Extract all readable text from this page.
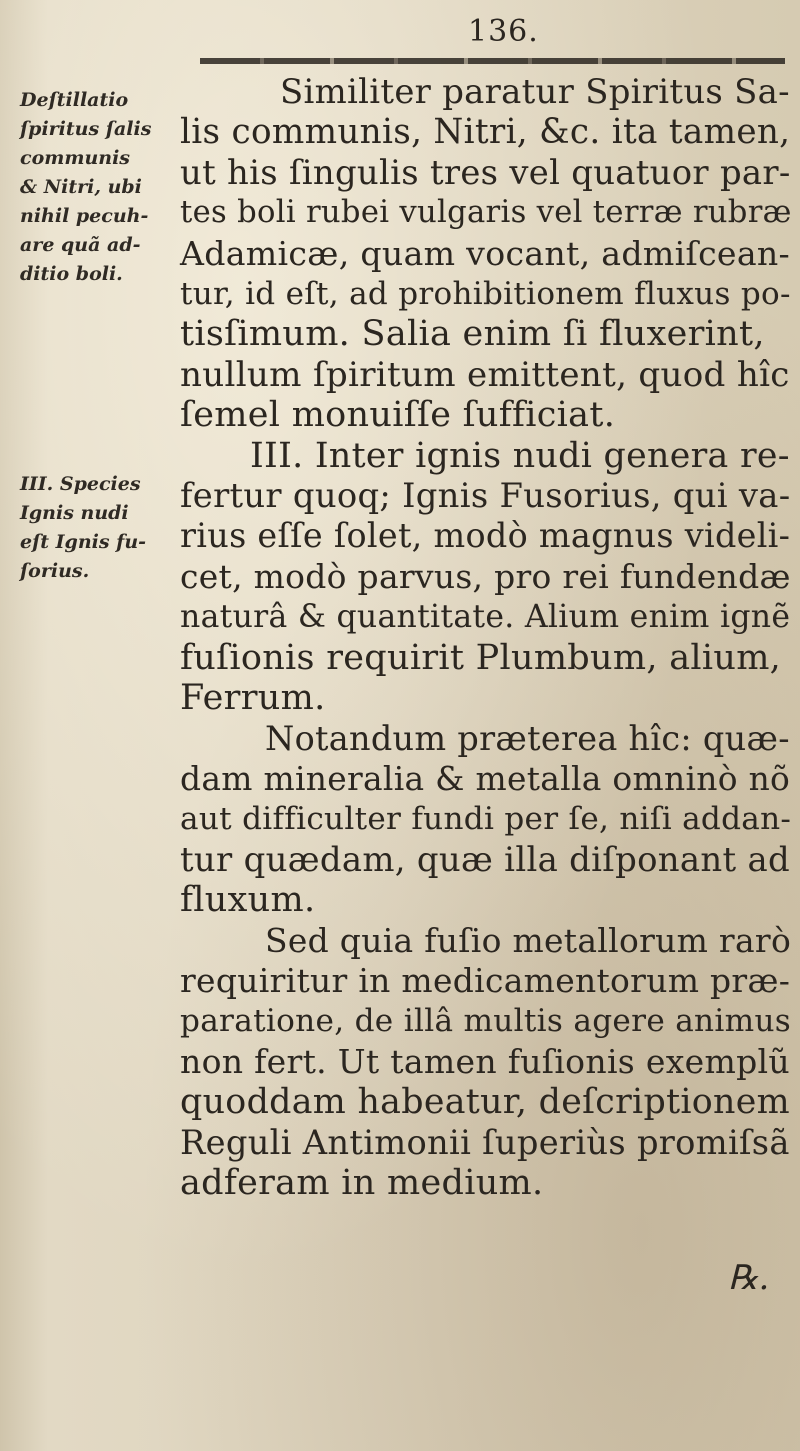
136.
Deſtillatio
ſpiritus ſalis
communis
& Nitri, ubi
nihil pecuh-
are quã ad-
ditio boli.
III. Species
Ignis nudi
eſt Ignis fu-
ſorius.
Similiter paratur Spiritus Sa-
lis communis, Nitri, &c. ita tamen,
ut his ſingulis tres vel quatuor par-
tes boli rubei vulgaris vel terræ rubræ
Adamicæ, quam vocant, admiſcean-
tur, id eſt, ad prohibitionem fluxus po-
tisſimum. Salia enim ſi fluxerint,
nullum ſpiritum emittent, quod hîc
ſemel monuiſſe ſufficiat.
III. Inter ignis nudi genera re-
fertur quoq; Ignis Fusorius, qui va-
rius eſſe ſolet, modò magnus videli-
cet, modò parvus, pro rei fundendæ
naturâ & quantitate. Alium enim ignẽ
fuſionis requirit Plumbum, alium,
Ferrum.
Notandum præterea hîc: quæ-
dam mineralia & metalla omninò nõ
aut difficulter fundi per ſe, niſi addan-
tur quædam, quæ illa diſponant ad
fluxum.
Sed quia fuſio metallorum rarò
requiritur in medicamentorum præ-
paratione, de illâ multis agere animus
non fert. Ut tamen fuſionis exemplũ
quoddam habeatur, deſcriptionem
Reguli Antimonii ſuperiùs promiſsã
adferam in medium.
℞.
